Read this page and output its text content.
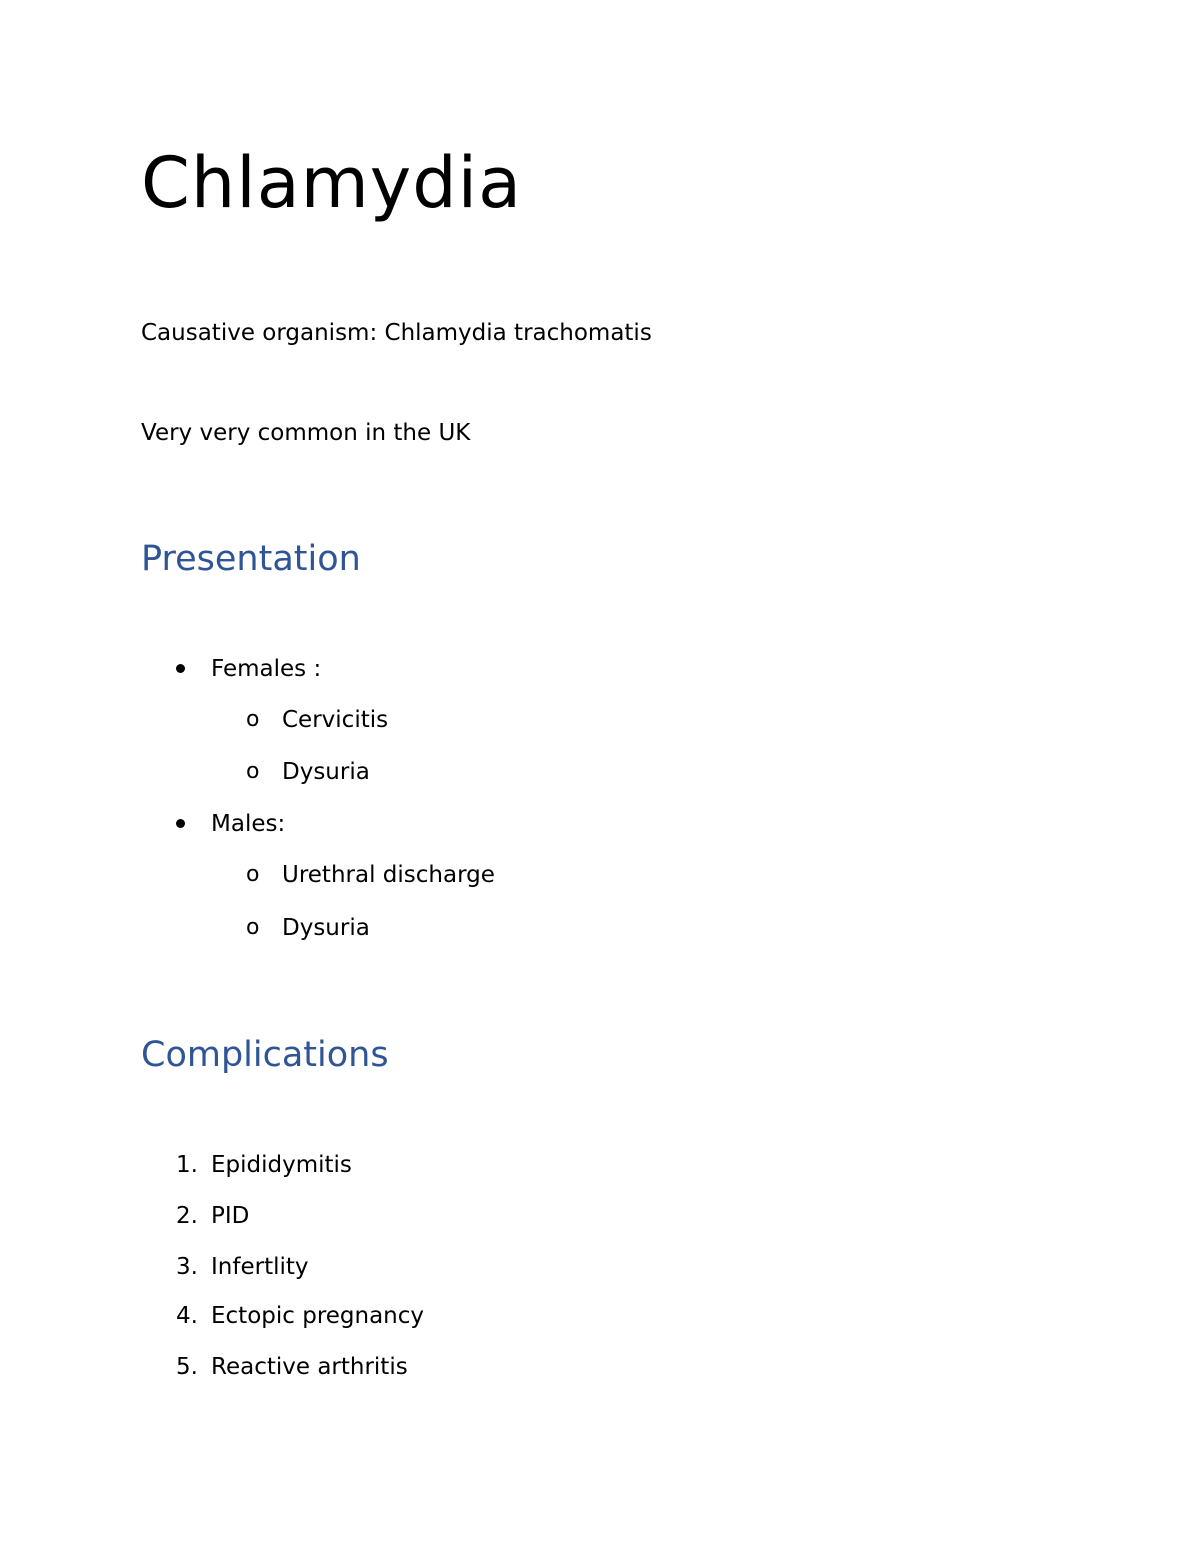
Chlamydia
Causative organism: Chlamydia trachomatis
Very very common in the UK
Presentation
Females :
o Cervicitis
o Dysuria
Males:
o Urethral discharge
o Dysuria
Complications
1. Epididymitis
2. PID
3. Infertlity
4. Ectopic pregnancy
5. Reactive arthritis
